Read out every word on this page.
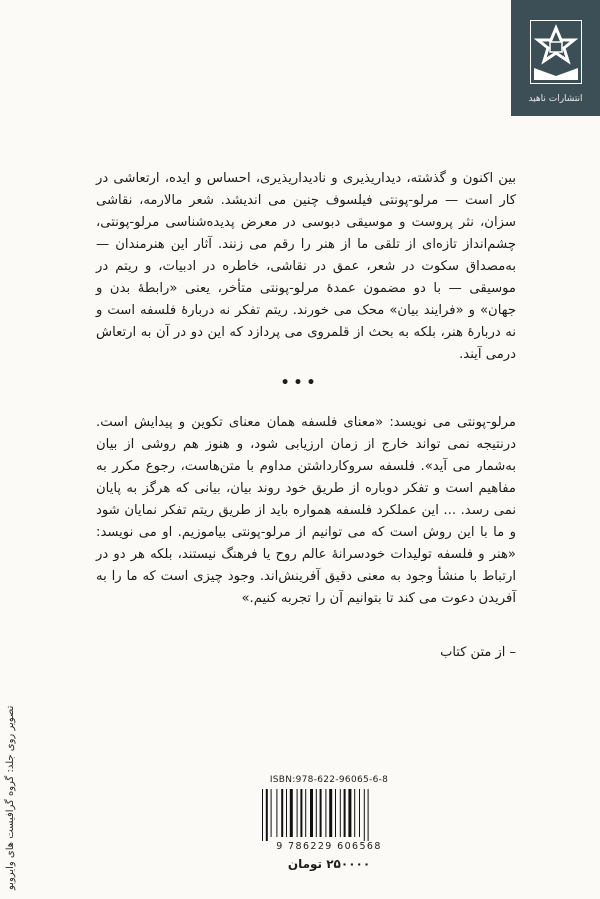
انتشارات ناهید

بین اکنون و گذشته، دیداریذیری و نادیداریذیری، احساس و ایده، ارتعاشی در کار است — مرلو-پونتی فیلسوف چنین می اندیشد. شعر مالارمه، نقاشی سزان، نثر پروست و موسیقی دبوسی در معرض پدیده‌شناسی مرلو-پونتی، چشم‌انداز تازه‌ای از تلقی ما از هنر را رقم می زنند. آثار این هنرمندان — به‌مصداق سکوت در شعر، عمق در نقاشی، خاطره در ادبیات، و ریتم در موسیقی — با دو مضمون عمدهٔ مرلو-پونتی متأخر، یعنی «رابطهٔ بدن و جهان» و «فرایند بیان» محک می خورند. ریتم تفکر نه دربارهٔ فلسفه است و نه دربارهٔ هنر، بلکه به بحث از قلمروی می پردازد که این دو در آن به ارتعاش درمی آیند.

•••

مرلو-پونتی می نویسد: «معنای فلسفه همان معنای تکوین و پیدایش است. درنتیجه نمی تواند خارج از زمان ارزیابی شود، و هنوز هم روشی از بیان به‌شمار می آید». فلسفه سروکارداشتن مداوم با متن‌هاست، رجوع مکرر به مفاهیم است و تفکر دوباره از طریق خود روند بیان، بیانی که هرگز به پایان نمی رسد. ... این عملکرد فلسفه همواره باید از طریق ریتم تفکر نمایان شود و ما با این روش است که می توانیم از مرلو-پونتی بیاموزیم. او می نویسد: «هنر و فلسفه تولیدات خودسرانهٔ عالم روح یا فرهنگ نیستند، بلکه هر دو در ارتباط با منشأ وجود به معنی دقیق آفرینش‌اند. وجود چیزی است که ما را به آفریدن دعوت می کند تا بتوانیم آن را تجربه کنیم.»

– از متن کتاب
تصویر روی جلد: گروه گرافیست های وایروبو	ISBN:978-622-96065-6-8
9 786229 606568
۲۵۰۰۰۰ تومان
